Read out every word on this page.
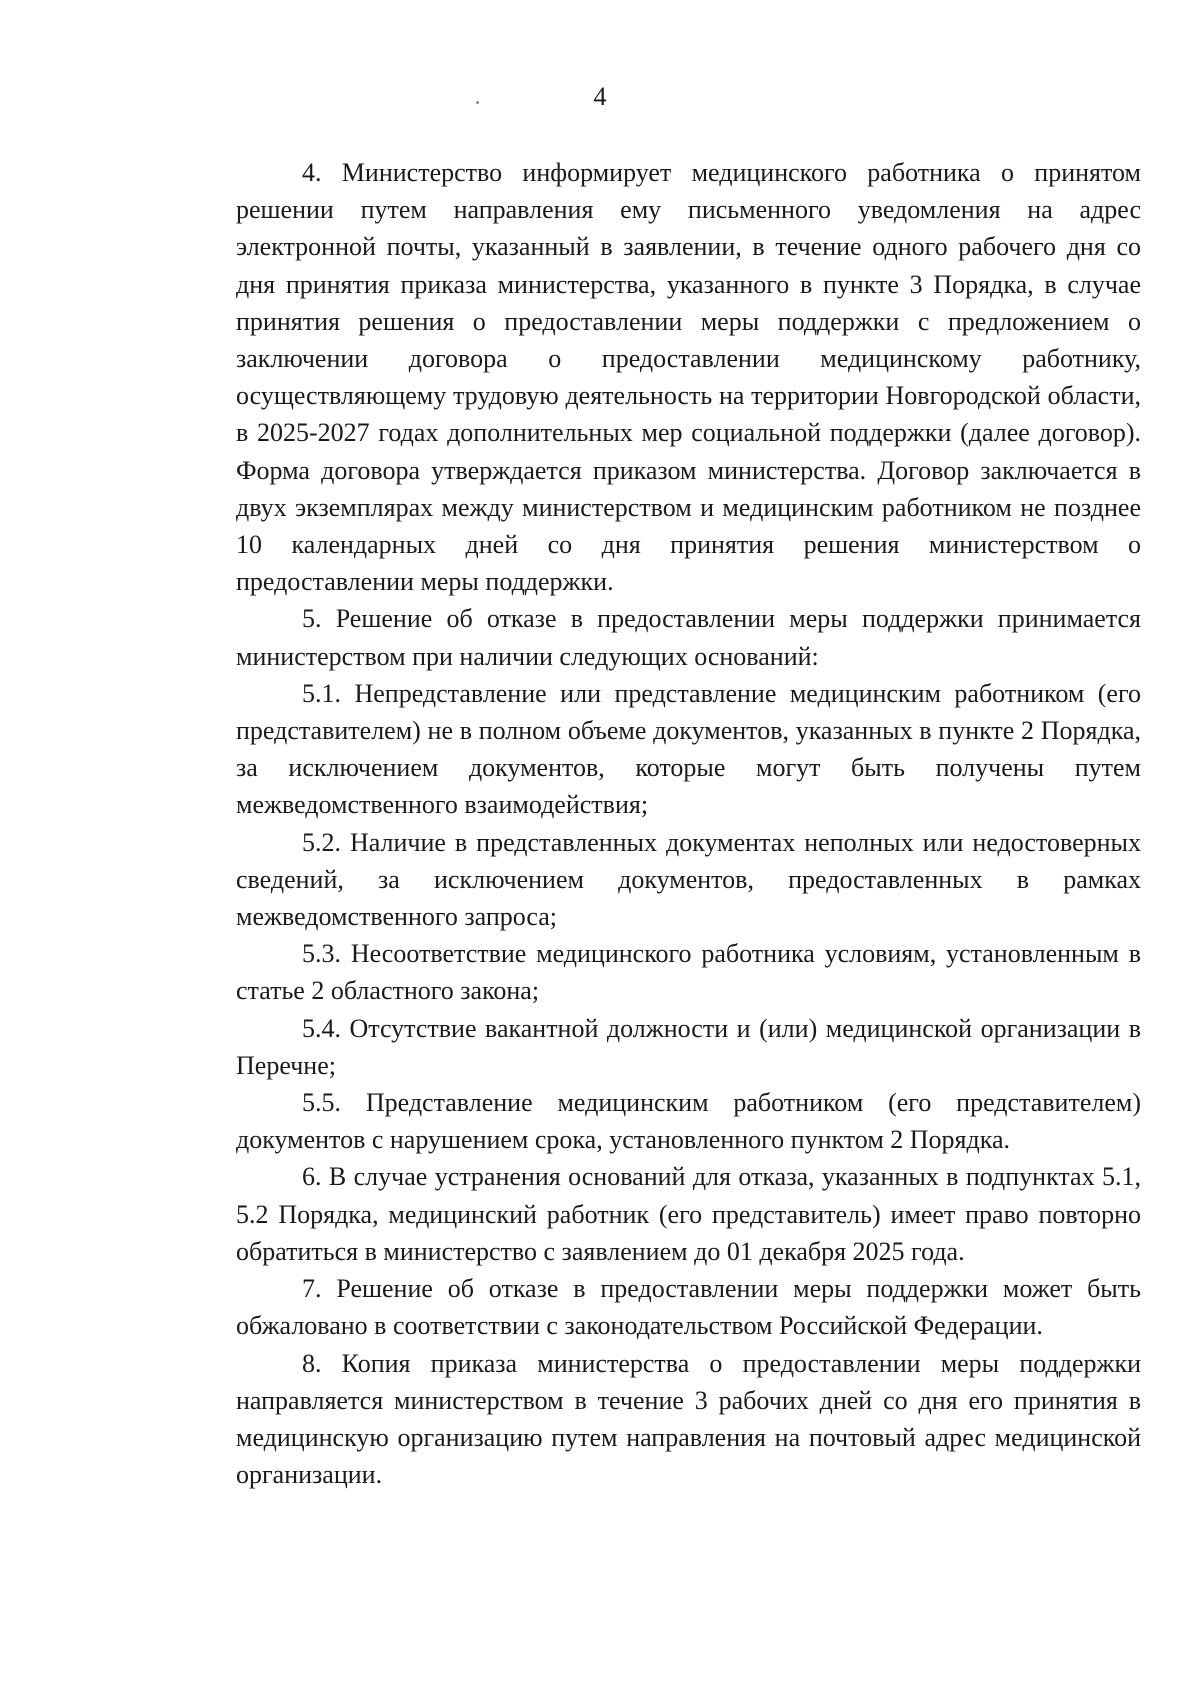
4

4. Министерство информирует медицинского работника о принятом решении путем направления ему письменного уведомления на адрес электронной почты, указанный в заявлении, в течение одного рабочего дня со дня принятия приказа министерства, указанного в пункте 3 Порядка, в случае принятия решения о предоставлении меры поддержки с предложением о заключении договора о предоставлении медицинскому работнику, осуществляющему трудовую деятельность на территории Новгородской области, в 2025-2027 годах дополнительных мер социальной поддержки (далее договор). Форма договора утверждается приказом министерства. Договор заключается в двух экземплярах между министерством и медицинским работником не позднее 10 календарных дней со дня принятия решения министерством о предоставлении меры поддержки.

5. Решение об отказе в предоставлении меры поддержки принимается министерством при наличии следующих оснований:

5.1. Непредставление или представление медицинским работником (его представителем) не в полном объеме документов, указанных в пункте 2 Порядка, за исключением документов, которые могут быть получены путем межведомственного взаимодействия;

5.2. Наличие в представленных документах неполных или недостоверных сведений, за исключением документов, предоставленных в рамках межведомственного запроса;

5.3. Несоответствие медицинского работника условиям, установленным в статье 2 областного закона;

5.4. Отсутствие вакантной должности и (или) медицинской организации в Перечне;

5.5. Представление медицинским работником (его представителем) документов с нарушением срока, установленного пунктом 2 Порядка.

6. В случае устранения оснований для отказа, указанных в подпунктах 5.1, 5.2 Порядка, медицинский работник (его представитель) имеет право повторно обратиться в министерство с заявлением до 01 декабря 2025 года.

7. Решение об отказе в предоставлении меры поддержки может быть обжаловано в соответствии с законодательством Российской Федерации.

8. Копия приказа министерства о предоставлении меры поддержки направляется министерством в течение 3 рабочих дней со дня его принятия в медицинскую организацию путем направления на почтовый адрес медицинской организации.
